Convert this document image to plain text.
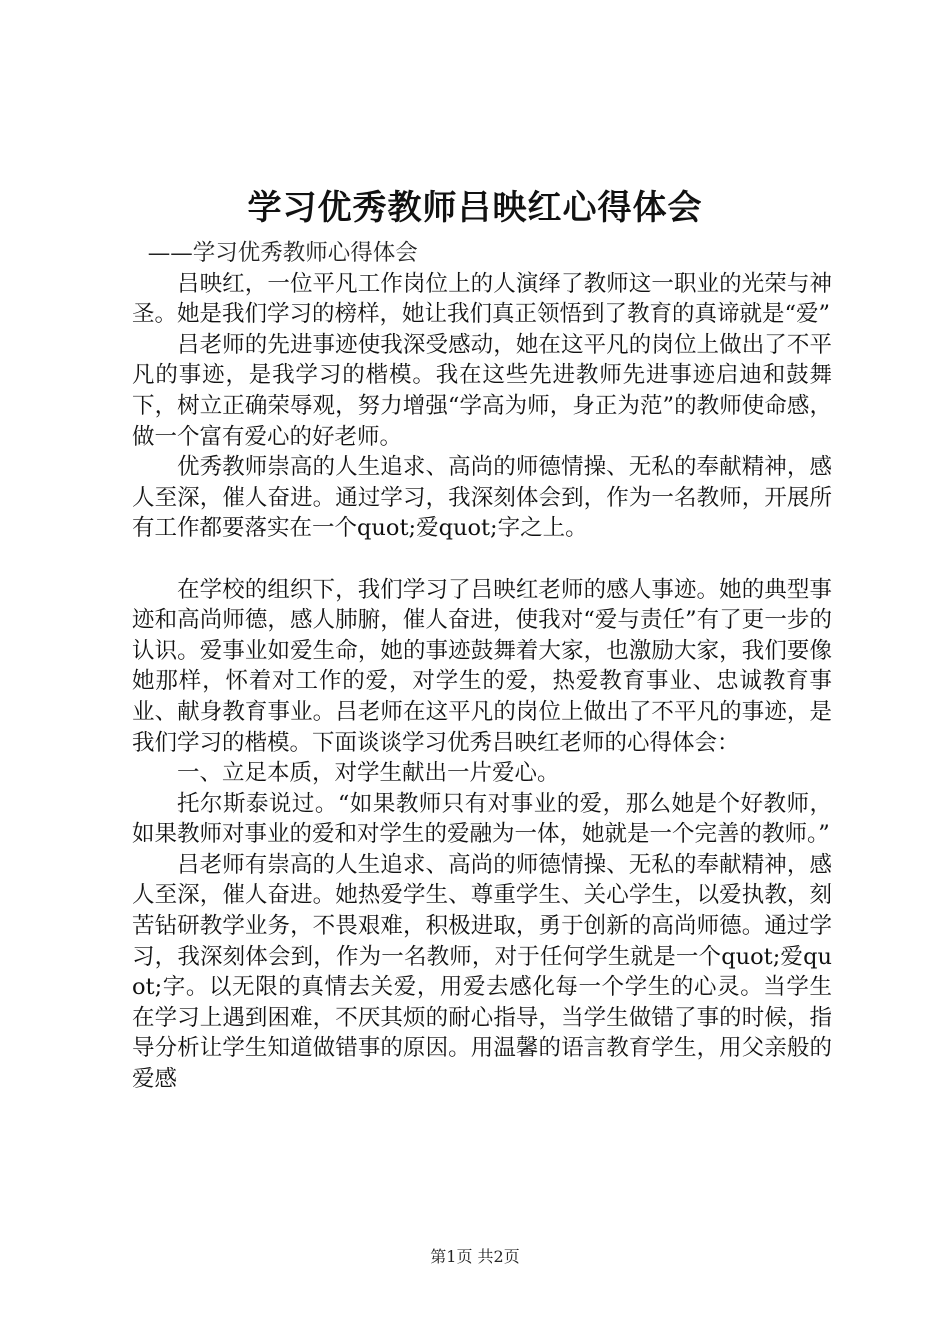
学习优秀教师吕映红心得体会

——学习优秀教师心得体会

吕映红，一位平凡工作岗位上的人演绎了教师这一职业的光荣与神圣。她是我们学习的榜样，她让我们真正领悟到了教育的真谛就是“爱”

吕老师的先进事迹使我深受感动，她在这平凡的岗位上做出了不平凡的事迹，是我学习的楷模。我在这些先进教师先进事迹启迪和鼓舞下，树立正确荣辱观，努力增强“学高为师，身正为范”的教师使命感，做一个富有爱心的好老师。

优秀教师崇高的人生追求、高尚的师德情操、无私的奉献精神，感人至深，催人奋进。通过学习，我深刻体会到，作为一名教师，开展所有工作都要落实在一个quot;爱quot;字之上。

在学校的组织下，我们学习了吕映红老师的感人事迹。她的典型事迹和高尚师德，感人肺腑，催人奋进，使我对“爱与责任”有了更一步的认识。爱事业如爱生命，她的事迹鼓舞着大家，也激励大家，我们要像她那样，怀着对工作的爱，对学生的爱，热爱教育事业、忠诚教育事业、献身教育事业。吕老师在这平凡的岗位上做出了不平凡的事迹，是我们学习的楷模。下面谈谈学习优秀吕映红老师的心得体会：

一、立足本质，对学生献出一片爱心。

托尔斯泰说过。“如果教师只有对事业的爱，那么她是个好教师，如果教师对事业的爱和对学生的爱融为一体，她就是一个完善的教师。”

吕老师有崇高的人生追求、高尚的师德情操、无私的奉献精神，感人至深，催人奋进。她热爱学生、尊重学生、关心学生，以爱执教，刻苦钻研教学业务，不畏艰难，积极进取，勇于创新的高尚师德。通过学习，我深刻体会到，作为一名教师，对于任何学生就是一个quot;爱quot;字。以无限的真情去关爱，用爱去感化每一个学生的心灵。当学生在学习上遇到困难，不厌其烦的耐心指导，当学生做错了事的时候，指导分析让学生知道做错事的原因。用温馨的语言教育学生，用父亲般的爱感

第1页 共2页
